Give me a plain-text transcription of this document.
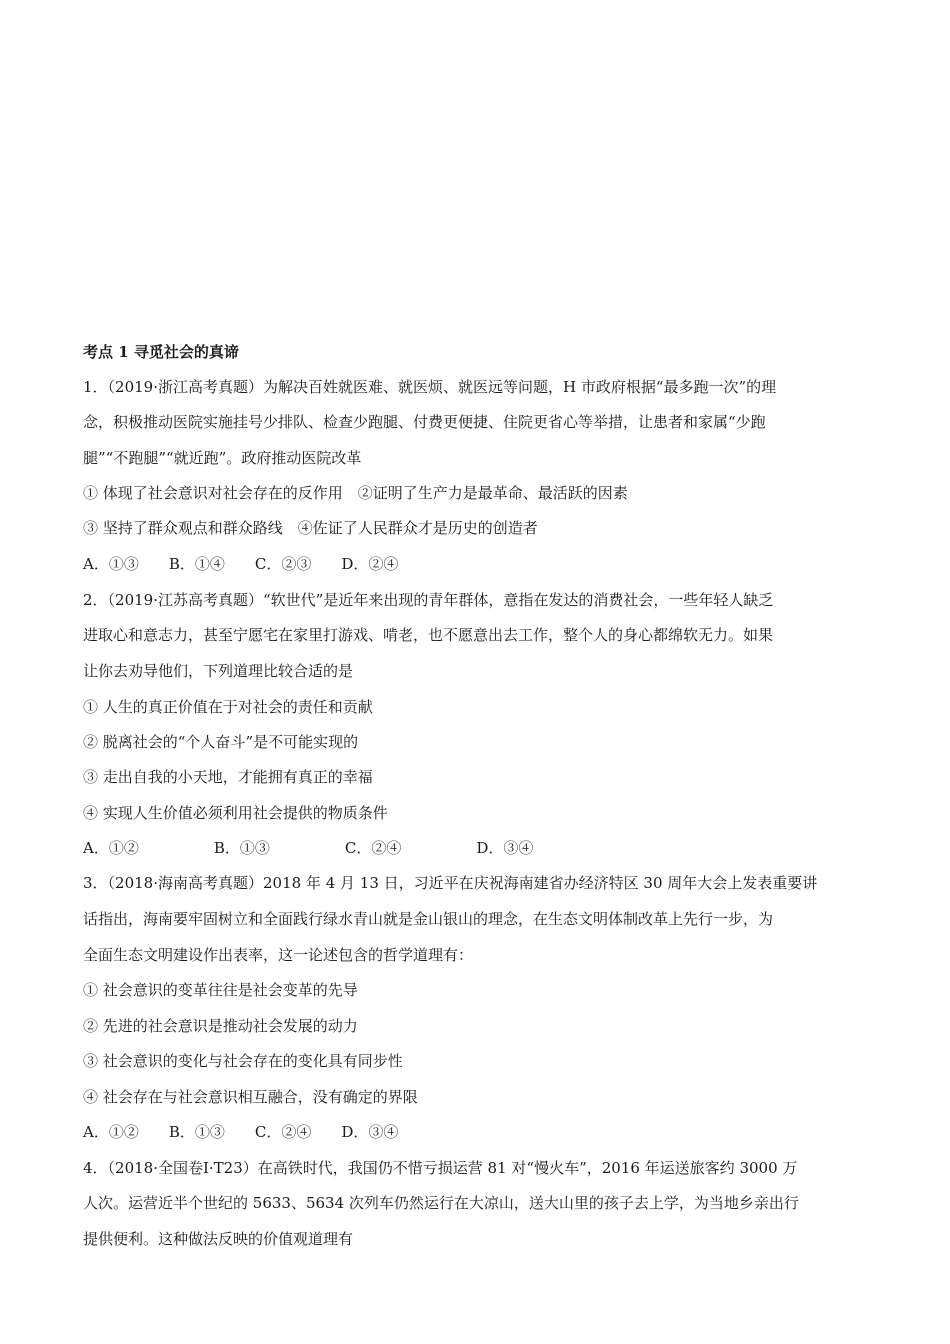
考点 1 寻觅社会的真谛
1．（2019·浙江高考真题）为解决百姓就医难、就医烦、就医远等问题，H 市政府根据“最多跑一次”的理
念，积极推动医院实施挂号少排队、检查少跑腿、付费更便捷、住院更省心等举措，让患者和家属“少跑
腿”“不跑腿”“就近跑”。政府推动医院改革
① 体现了社会意识对社会存在的反作用　②证明了生产力是最革命、最活跃的因素
③ 坚持了群众观点和群众路线　④佐证了人民群众才是历史的创造者
A．①③　　B．①④　　C．②③　　D．②④
2．（2019·江苏高考真题）“软世代”是近年来出现的青年群体，意指在发达的消费社会，一些年轻人缺乏
进取心和意志力，甚至宁愿宅在家里打游戏、啃老，也不愿意出去工作，整个人的身心都绵软无力。如果
让你去劝导他们，下列道理比较合适的是
① 人生的真正价值在于对社会的责任和贡献
② 脱离社会的“个人奋斗”是不可能实现的
③ 走出自我的小天地，才能拥有真正的幸福
④ 实现人生价值必须利用社会提供的物质条件
A．①②　　　　　B．①③　　　　　C．②④　　　　　D．③④
3．（2018·海南高考真题）2018 年 4 月 13 日，习近平在庆祝海南建省办经济特区 30 周年大会上发表重要讲
话指出，海南要牢固树立和全面践行绿水青山就是金山银山的理念，在生态文明体制改革上先行一步，为
全面生态文明建设作出表率，这一论述包含的哲学道理有：
① 社会意识的变革往往是社会变革的先导
② 先进的社会意识是推动社会发展的动力
③ 社会意识的变化与社会存在的变化具有同步性
④ 社会存在与社会意识相互融合，没有确定的界限
A．①②　　B．①③　　C．②④　　D．③④
4．（2018·全国卷Ⅰ·T23）在高铁时代，我国仍不惜亏损运营 81 对“慢火车”，2016 年运送旅客约 3000 万
人次。运营近半个世纪的 5633、5634 次列车仍然运行在大凉山，送大山里的孩子去上学，为当地乡亲出行
提供便利。这种做法反映的价值观道理有
